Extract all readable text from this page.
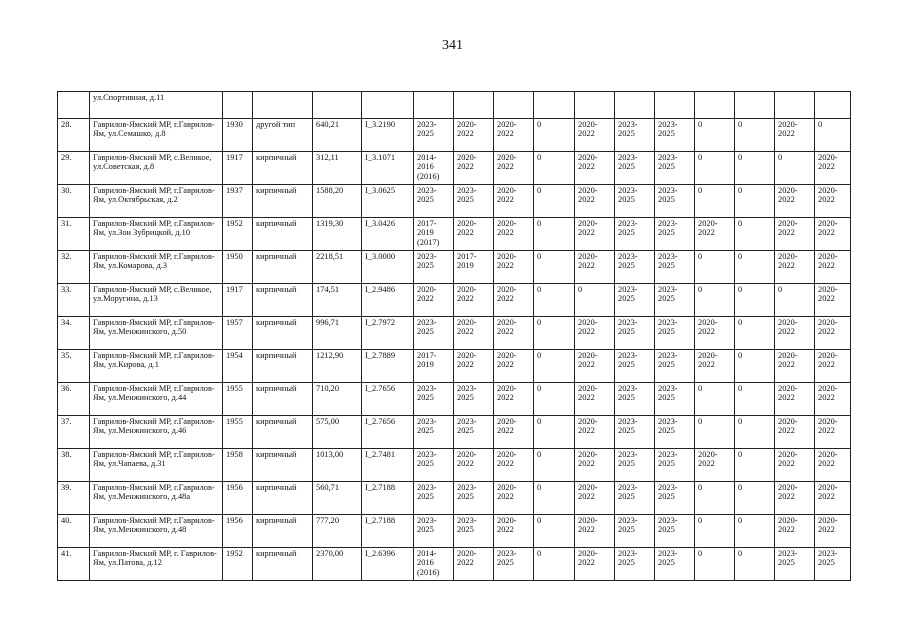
341
	ул.Спортивная, д.11															
28.	Гаврилов-Ямский МР, г.Гаврилов-Ям, ул.Семашко, д.8	1930	другой тип	640,21	I_3.2190	2023-2025	2020-2022	2020-2022	0	2020-2022	2023-2025	2023-2025	0	0	2020-2022	0
29.	Гаврилов-Ямский МР, с.Великое, ул.Советская, д.8	1917	кирпичный	312,11	I_3.1071	2014-2016 (2016)	2020-2022	2020-2022	0	2020-2022	2023-2025	2023-2025	0	0	0	2020-2022
30.	Гаврилов-Ямский МР, г.Гаврилов-Ям, ул.Октябрьская, д.2	1937	кирпичный	1588,20	I_3.0625	2023-2025	2023-2025	2020-2022	0	2020-2022	2023-2025	2023-2025	0	0	2020-2022	2020-2022
31.	Гаврилов-Ямский МР, г.Гаврилов-Ям, ул.Зои Зубрицкой, д.10	1952	кирпичный	1319,30	I_3.0426	2017-2019 (2017)	2020-2022	2020-2022	0	2020-2022	2023-2025	2023-2025	2020-2022	0	2020-2022	2020-2022
32.	Гаврилов-Ямский МР, г.Гаврилов-Ям, ул.Комарова, д.3	1950	кирпичный	2218,51	I_3.0000	2023-2025	2017-2019	2020-2022	0	2020-2022	2023-2025	2023-2025	0	0	2020-2022	2020-2022
33.	Гаврилов-Ямский МР, с.Великое, ул.Моругина, д.13	1917	кирпичный	174,51	I_2.9486	2020-2022	2020-2022	2020-2022	0	0	2023-2025	2023-2025	0	0	0	2020-2022
34.	Гаврилов-Ямский МР, г.Гаврилов-Ям, ул.Менжинского, д.50	1957	кирпичный	996,71	I_2.7972	2023-2025	2020-2022	2020-2022	0	2020-2022	2023-2025	2023-2025	2020-2022	0	2020-2022	2020-2022
35.	Гаврилов-Ямский МР, г.Гаврилов-Ям, ул.Кирова, д.1	1954	кирпичный	1212,90	I_2.7889	2017-2019	2020-2022	2020-2022	0	2020-2022	2023-2025	2023-2025	2020-2022	0	2020-2022	2020-2022
36.	Гаврилов-Ямский МР, г.Гаврилов-Ям, ул.Менжинского, д.44	1955	кирпичный	710,20	I_2.7656	2023-2025	2023-2025	2020-2022	0	2020-2022	2023-2025	2023-2025	0	0	2020-2022	2020-2022
37.	Гаврилов-Ямский МР, г.Гаврилов-Ям, ул.Менжинского, д.46	1955	кирпичный	575,00	I_2.7656	2023-2025	2023-2025	2020-2022	0	2020-2022	2023-2025	2023-2025	0	0	2020-2022	2020-2022
38.	Гаврилов-Ямский МР, г.Гаврилов-Ям, ул.Чапаева, д.31	1958	кирпичный	1013,00	I_2.7481	2023-2025	2020-2022	2020-2022	0	2020-2022	2023-2025	2023-2025	2020-2022	0	2020-2022	2020-2022
39.	Гаврилов-Ямский МР, г.Гаврилов-Ям, ул.Менжинского, д.48а	1956	кирпичный	560,71	I_2.7188	2023-2025	2023-2025	2020-2022	0	2020-2022	2023-2025	2023-2025	0	0	2020-2022	2020-2022
40.	Гаврилов-Ямский МР, г.Гаврилов-Ям, ул.Менжинского, д.48	1956	кирпичный	777,20	I_2.7188	2023-2025	2023-2025	2020-2022	0	2020-2022	2023-2025	2023-2025	0	0	2020-2022	2020-2022
41.	Гаврилов-Ямский МР, г. Гаврилов-Ям, ул.Патова, д.12	1952	кирпичный	2370,00	I_2.6396	2014-2016 (2016)	2020-2022	2023-2025	0	2020-2022	2023-2025	2023-2025	0	0	2023-2025	2023-2025
